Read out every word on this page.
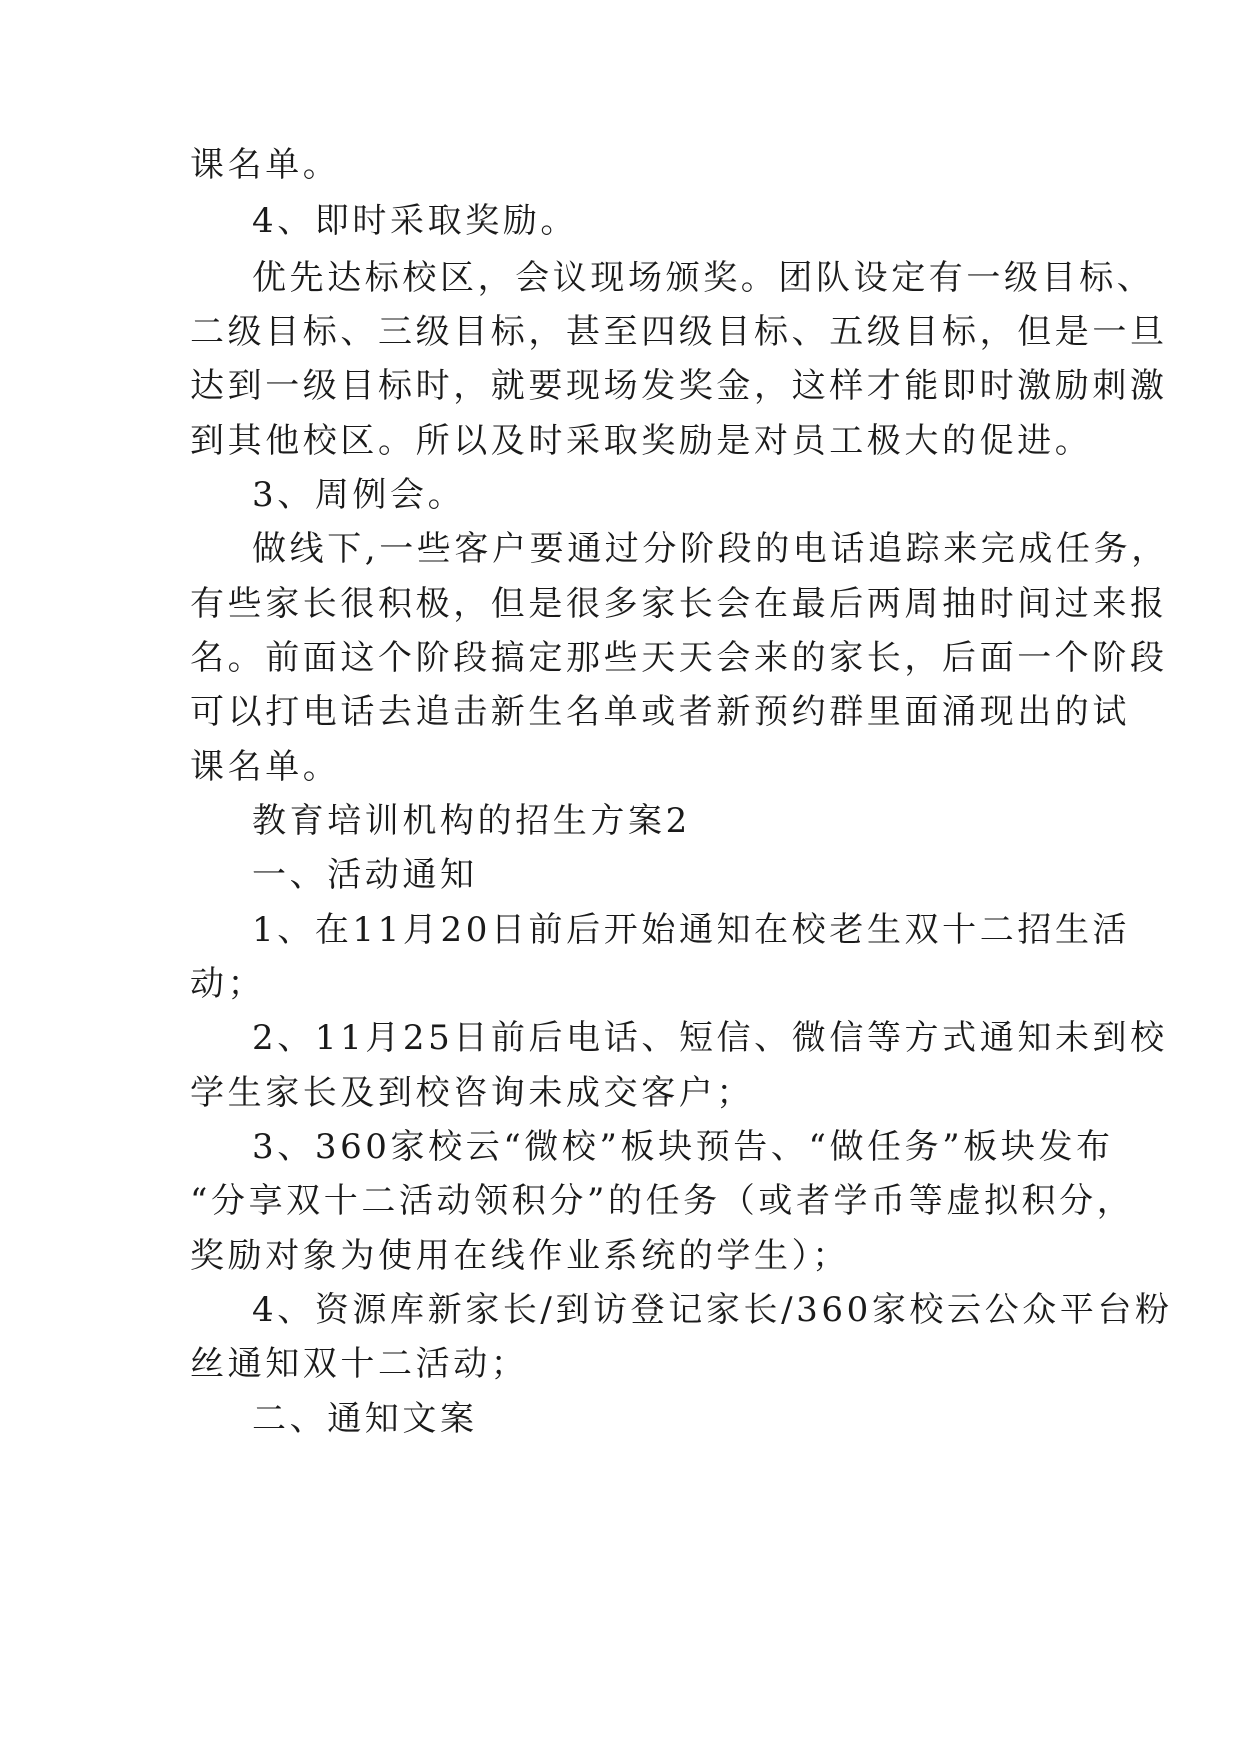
课名单。
4、即时采取奖励。
优先达标校区，会议现场颁奖。团队设定有一级目标、
二级目标、三级目标，甚至四级目标、五级目标，但是一旦
达到一级目标时，就要现场发奖金，这样才能即时激励刺激
到其他校区。所以及时采取奖励是对员工极大的促进。
3、周例会。
做线下,一些客户要通过分阶段的电话追踪来完成任务，
有些家长很积极，但是很多家长会在最后两周抽时间过来报
名。前面这个阶段搞定那些天天会来的家长，后面一个阶段
可以打电话去追击新生名单或者新预约群里面涌现出的试
课名单。
教育培训机构的招生方案2
一、活动通知
1、在11月20日前后开始通知在校老生双十二招生活
动；
2、11月25日前后电话、短信、微信等方式通知未到校
学生家长及到校咨询未成交客户；
3、360家校云“微校”板块预告、“做任务”板块发布
“分享双十二活动领积分”的任务（或者学币等虚拟积分，
奖励对象为使用在线作业系统的学生）；
4、资源库新家长/到访登记家长/360家校云公众平台粉
丝通知双十二活动；
二、通知文案
